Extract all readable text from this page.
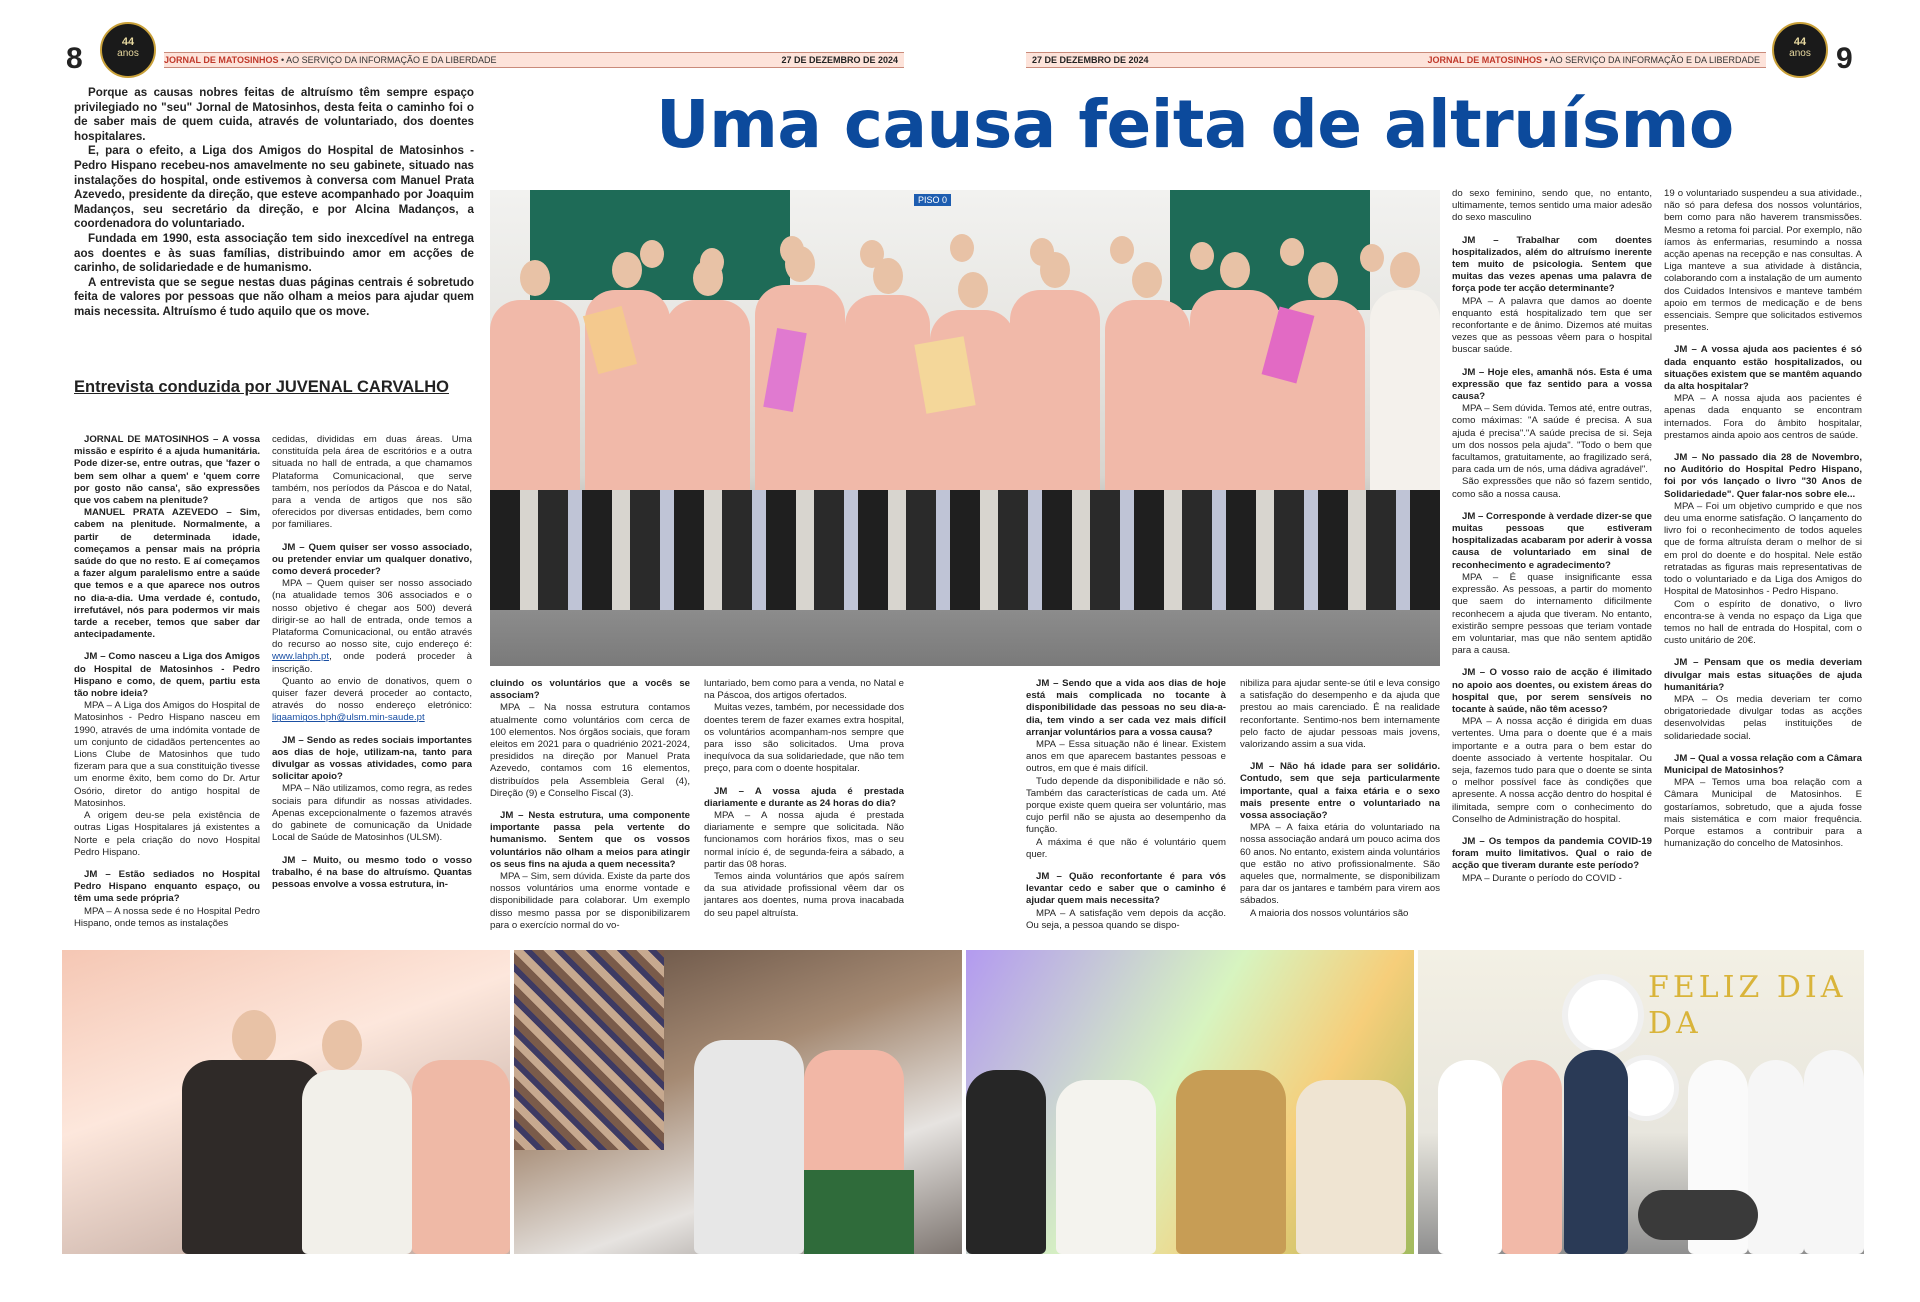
8	44
anos
JORNAL DE MATOSINHOS • AO SERVIÇO DA INFORMAÇÃO E DA LIBERDADE	27 DE DEZEMBRO DE 2024	27 DE DEZEMBRO DE 2024	JORNAL DE MATOSINHOS • AO SERVIÇO DA INFORMAÇÃO E DA LIBERDADE
44
anos 9
Uma causa feita de altruísmo

Porque as causas nobres feitas de altruísmo têm sempre espaço privilegiado no "seu" Jornal de Matosinhos, desta feita o caminho foi o de saber mais de quem cuida, através de voluntariado, dos doentes hospitalares.

E, para o efeito, a Liga dos Amigos do Hospital de Matosinhos - Pedro Hispano recebeu-nos amavelmente no seu gabinete, situado nas instalações do hospital, onde estivemos à conversa com Manuel Prata Azevedo, presidente da direção, que esteve acompanhado por Joaquim Madanços, seu secretário da direção, e por Alcina Madanços, a coordenadora do voluntariado.

Fundada em 1990, esta associação tem sido inexcedível na entrega aos doentes e às suas famílias, distribuindo amor em acções de carinho, de solidariedade e de humanismo.

A entrevista que se segue nestas duas páginas centrais é sobretudo feita de valores por pessoas que não olham a meios para ajudar quem mais necessita. Altruísmo é tudo aquilo que os move.

Entrevista conduzida por JUVENAL CARVALHO
PISO 0

JORNAL DE MATOSINHOS – A vossa missão e espírito é a ajuda humanitária. Pode dizer-se, entre outras, que 'fazer o bem sem olhar a quem' e 'quem corre por gosto não cansa', são expressões que vos cabem na plenitude?

MANUEL PRATA AZEVEDO – Sim, cabem na plenitude. Normalmente, a partir de determinada idade, começamos a pensar mais na própria saúde do que no resto. E aí começamos a fazer algum paralelismo entre a saúde que temos e a que aparece nos outros no dia-a-dia. Uma verdade é, contudo, irrefutável, nós para podermos vir mais tarde a receber, temos que saber dar antecipadamente.

JM – Como nasceu a Liga dos Amigos do Hospital de Matosinhos - Pedro Hispano e como, de quem, partiu esta tão nobre ideia?

MPA – A Liga dos Amigos do Hospital de Matosinhos - Pedro Hispano nasceu em 1990, através de uma indómita vontade de um conjunto de cidadãos pertencentes ao Lions Clube de Matosinhos que tudo fizeram para que a sua constituição tivesse um enorme êxito, bem como do Dr. Artur Osório, diretor do antigo hospital de Matosinhos.

A origem deu-se pela existência de outras Ligas Hospitalares já existentes a Norte e pela criação do novo Hospital Pedro Hispano.

JM – Estão sediados no Hospital Pedro Hispano enquanto espaço, ou têm uma sede própria?

MPA – A nossa sede é no Hospital Pedro Hispano, onde temos as instalações

cedidas, divididas em duas áreas. Uma constituída pela área de escritórios e a outra situada no hall de entrada, a que chamamos Plataforma Comunicacional, que serve também, nos períodos da Páscoa e do Natal, para a venda de artigos que nos são oferecidos por diversas entidades, bem como por familiares.

JM – Quem quiser ser vosso associado, ou pretender enviar um qualquer donativo, como deverá proceder?

MPA – Quem quiser ser nosso associado (na atualidade temos 306 associados e o nosso objetivo é chegar aos 500) deverá dirigir-se ao hall de entrada, onde temos a Plataforma Comunicacional, ou então através do recurso ao nosso site, cujo endereço é: www.lahph.pt, onde poderá proceder à inscrição.

Quanto ao envio de donativos, quem o quiser fazer deverá proceder ao contacto, através do nosso endereço eletrónico: ligaamigos.hph@ulsm.min-saude.pt

JM – Sendo as redes sociais importantes aos dias de hoje, utilizam-na, tanto para divulgar as vossas atividades, como para solicitar apoio?

MPA – Não utilizamos, como regra, as redes sociais para difundir as nossas atividades. Apenas excepcionalmente o fazemos através do gabinete de comunicação da Unidade Local de Saúde de Matosinhos (ULSM).

JM – Muito, ou mesmo todo o vosso trabalho, é na base do altruísmo. Quantas pessoas envolve a vossa estrutura, in-

cluindo os voluntários que a vocês se associam?

MPA – Na nossa estrutura contamos atualmente como voluntários com cerca de 100 elementos. Nos órgãos sociais, que foram eleitos em 2021 para o quadriénio 2021-2024, presididos na direção por Manuel Prata Azevedo, contamos com 16 elementos, distribuídos pela Assembleia Geral (4), Direção (9) e Conselho Fiscal (3).

JM – Nesta estrutura, uma componente importante passa pela vertente do humanismo. Sentem que os vossos voluntários não olham a meios para atingir os seus fins na ajuda a quem necessita?

MPA – Sim, sem dúvida. Existe da parte dos nossos voluntários uma enorme vontade e disponibilidade para colaborar. Um exemplo disso mesmo passa por se disponibilizarem para o exercício normal do vo-

luntariado, bem como para a venda, no Natal e na Páscoa, dos artigos ofertados.

Muitas vezes, também, por necessidade dos doentes terem de fazer exames extra hospital, os voluntários acompanham-nos sempre que para isso são solicitados. Uma prova inequívoca da sua solidariedade, que não tem preço, para com o doente hospitalar.

JM – A vossa ajuda é prestada diariamente e durante as 24 horas do dia?

MPA – A nossa ajuda é prestada diariamente e sempre que solicitada. Não funcionamos com horários fixos, mas o seu normal início é, de segunda-feira a sábado, a partir das 08 horas.

Temos ainda voluntários que após saírem da sua atividade profissional vêem dar os jantares aos doentes, numa prova inacabada do seu papel altruísta.

JM – Sendo que a vida aos dias de hoje está mais complicada no tocante à disponibilidade das pessoas no seu dia-a-dia, tem vindo a ser cada vez mais difícil arranjar voluntários para a vossa causa?

MPA – Essa situação não é linear. Existem anos em que aparecem bastantes pessoas e outros, em que é mais difícil.

Tudo depende da disponibilidade e não só. Também das características de cada um. Até porque existe quem queira ser voluntário, mas cujo perfil não se ajusta ao desempenho da função.

A máxima é que não é voluntário quem quer.

JM – Quão reconfortante é para vós levantar cedo e saber que o caminho é ajudar quem mais necessita?

MPA – A satisfação vem depois da acção. Ou seja, a pessoa quando se dispo-

nibiliza para ajudar sente-se útil e leva consigo a satisfação do desempenho e da ajuda que prestou ao mais carenciado. É na realidade reconfortante. Sentimo-nos bem internamente pelo facto de ajudar pessoas mais jovens, valorizando assim a sua vida.

JM – Não há idade para ser solidário. Contudo, sem que seja particularmente importante, qual a faixa etária e o sexo mais presente entre o voluntariado na vossa associação?

MPA – A faixa etária do voluntariado na nossa associação andará um pouco acima dos 60 anos. No entanto, existem ainda voluntários que estão no ativo profissionalmente. São aqueles que, normalmente, se disponibilizam para dar os jantares e também para virem aos sábados.

A maioria dos nossos voluntários são

do sexo feminino, sendo que, no entanto, ultimamente, temos sentido uma maior adesão do sexo masculino

JM – Trabalhar com doentes hospitalizados, além do altruísmo inerente tem muito de psicologia. Sentem que muitas das vezes apenas uma palavra de força pode ter acção determinante?

MPA – A palavra que damos ao doente enquanto está hospitalizado tem que ser reconfortante e de ânimo. Dizemos até muitas vezes que as pessoas vêem para o hospital buscar saúde.

JM – Hoje eles, amanhã nós. Esta é uma expressão que faz sentido para a vossa causa?

MPA – Sem dúvida. Temos até, entre outras, como máximas: "A saúde é precisa. A sua ajuda é precisa"."A saúde precisa de si. Seja um dos nossos pela ajuda". "Todo o bem que facultamos, gratuitamente, ao fragilizado será, para cada um de nós, uma dádiva agradável".

São expressões que não só fazem sentido, como são a nossa causa.

JM – Corresponde à verdade dizer-se que muitas pessoas que estiveram hospitalizadas acabaram por aderir à vossa causa de voluntariado em sinal de reconhecimento e agradecimento?

MPA – É quase insignificante essa expressão. As pessoas, a partir do momento que saem do internamento dificilmente reconhecem a ajuda que tiveram. No entanto, existirão sempre pessoas que teriam vontade em voluntariar, mas que não sentem aptidão para a causa.

JM – O vosso raio de acção é ilimitado no apoio aos doentes, ou existem áreas do hospital que, por serem sensíveis no tocante à saúde, não têm acesso?

MPA – A nossa acção é dirigida em duas vertentes. Uma para o doente que é a mais importante e a outra para o bem estar do doente associado à vertente hospitalar. Ou seja, fazemos tudo para que o doente se sinta o melhor possível face às condições que apresente. A nossa acção dentro do hospital é ilimitada, sempre com o conhecimento do Conselho de Administração do hospital.

JM – Os tempos da pandemia COVID-19 foram muito limitativos. Qual o raio de acção que tiveram durante este período?

MPA – Durante o período do COVID -

19 o voluntariado suspendeu a sua atividade., não só para defesa dos nossos voluntários, bem como para não haverem transmissões. Mesmo a retoma foi parcial. Por exemplo, não íamos às enfermarias, resumindo a nossa acção apenas na recepção e nas consultas. A Liga manteve a sua atividade à distância, colaborando com a instalação de um aumento dos Cuidados Intensivos e manteve também apoio em termos de medicação e de bens essenciais. Sempre que solicitados estivemos presentes.

JM – A vossa ajuda aos pacientes é só dada enquanto estão hospitalizados, ou situações existem que se mantêm aquando da alta hospitalar?

MPA – A nossa ajuda aos pacientes é apenas dada enquanto se encontram internados. Fora do âmbito hospitalar, prestamos ainda apoio aos centros de saúde.

JM – No passado dia 28 de Novembro, no Auditório do Hospital Pedro Hispano, foi por vós lançado o livro "30 Anos de Solidariedade". Quer falar-nos sobre ele...

MPA – Foi um objetivo cumprido e que nos deu uma enorme satisfação. O lançamento do livro foi o reconhecimento de todos aqueles que de forma altruísta deram o melhor de si em prol do doente e do hospital. Nele estão retratadas as figuras mais representativas de todo o voluntariado e da Liga dos Amigos do Hospital de Matosinhos - Pedro Hispano.

Com o espírito de donativo, o livro encontra-se à venda no espaço da Liga que temos no hall de entrada do Hospital, com o custo unitário de 20€.

JM – Pensam que os media deveriam divulgar mais estas situações de ajuda humanitária?

MPA – Os media deveriam ter como obrigatoriedade divulgar todas as acções desenvolvidas pelas instituições de solidariedade social.

JM – Qual a vossa relação com a Câmara Municipal de Matosinhos?

MPA – Temos uma boa relação com a Câmara Municipal de Matosinhos. E gostaríamos, sobretudo, que a ajuda fosse mais sistemática e com maior frequência. Porque estamos a contribuir para a humanização do concelho de Matosinhos.

FELIZ DIA DA
